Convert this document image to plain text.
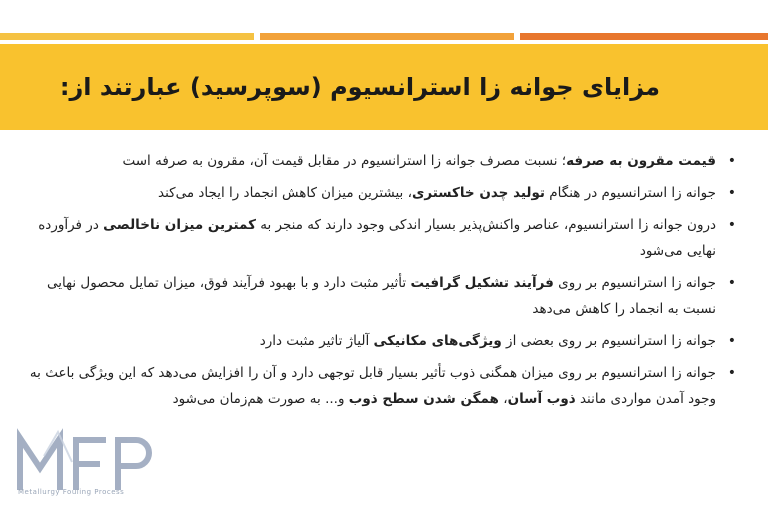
مزایای جوانه زا استرانسیوم (سوپرسید) عبارتند از:
• قیمت مقرون به صرفه؛ نسبت مصرف جوانه زا استرانسیوم در مقابل قیمت آن، مقرون به صرفه است
• جوانه زا استرانسیوم در هنگام تولید چدن خاکستری، بیشترین میزان کاهش انجماد را ایجاد می‌کند
• درون جوانه زا استرانسیوم، عناصر واکنش‌پذیر بسیار اندکی وجود دارند که منجر به کمترین میزان ناخالصی در فرآورده نهایی می‌شود
• جوانه زا استرانسیوم بر روی فرآیند تشکیل گرافیت تأثیر مثبت دارد و با بهبود فرآیند فوق، میزان تمایل محصول نهایی نسبت به انجماد را کاهش می‌دهد
• جوانه زا استرانسیوم بر روی بعضی از ویژگی‌های مکانیکی آلیاژ تاثیر مثبت دارد
• جوانه زا استرانسیوم بر روی میزان همگنی ذوب تأثیر بسیار قابل توجهی دارد و آن را افزایش می‌دهد که این ویژگی باعث به وجود آمدن مواردی مانند ذوب آسان، همگن شدن سطح ذوب و... به صورت هم‌زمان می‌شود
Metallurgy Fouling Process
